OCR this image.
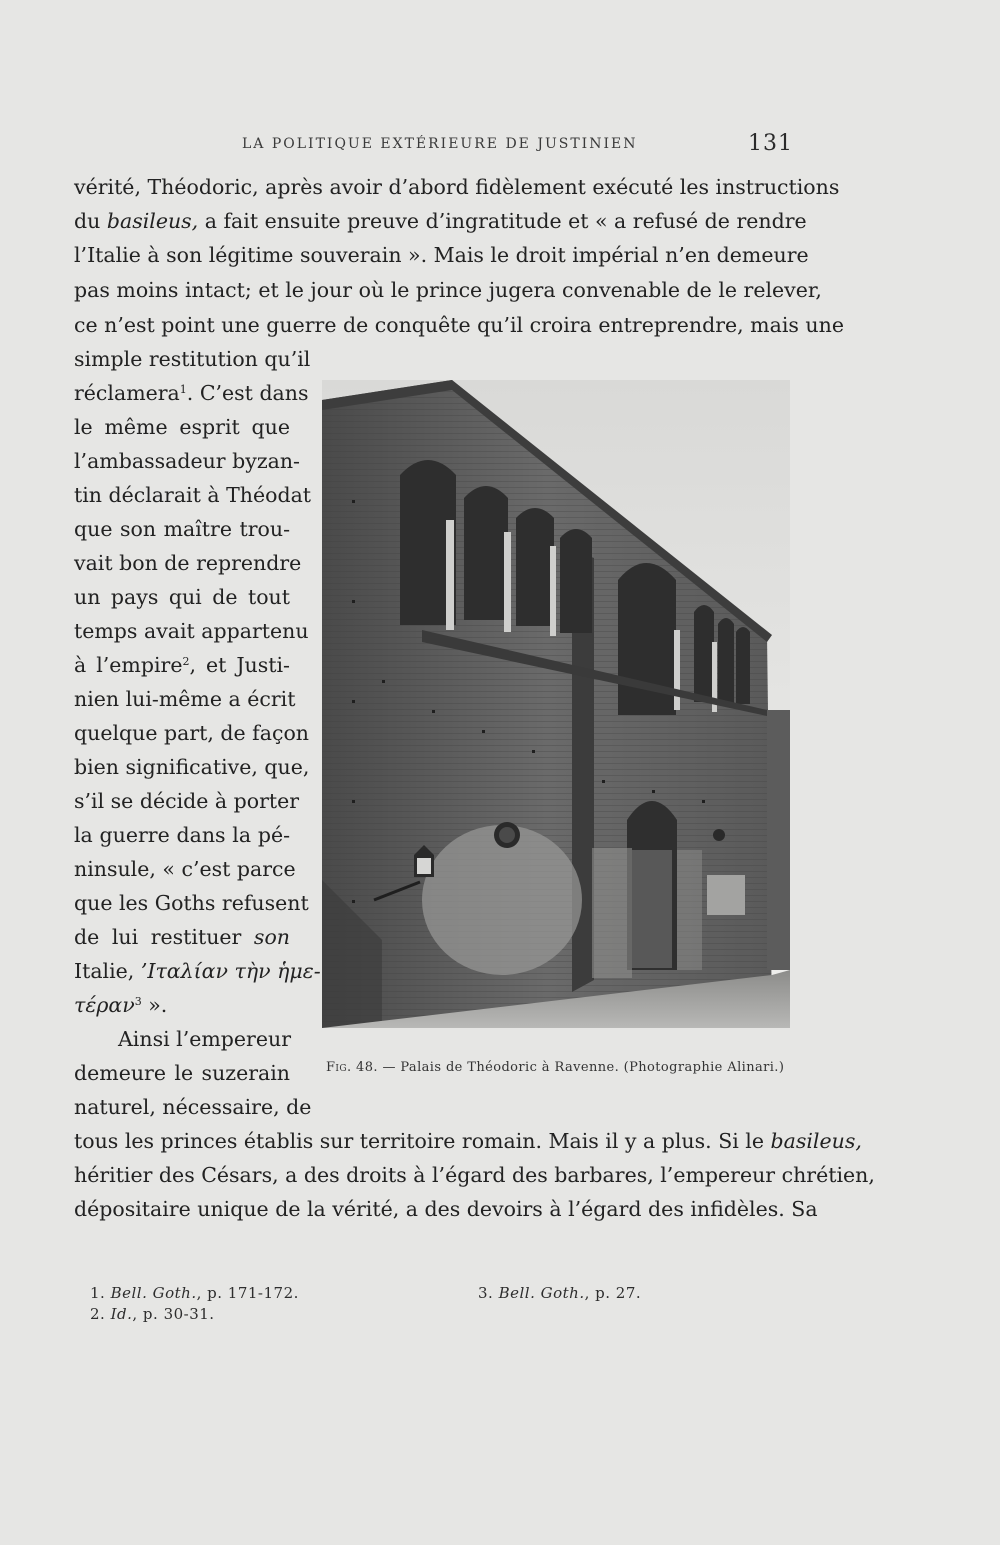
LA POLITIQUE EXTÉRIEURE DE JUSTINIEN	131
vérité, Théodoric, après avoir d’abord fidèlement exécuté les instructions
du basileus, a fait ensuite preuve d’ingratitude et « a refusé de rendre
l’Italie à son légitime souverain ». Mais le droit impérial n’en demeure
pas moins intact; et le jour où le prince jugera convenable de le relever,
ce n’est point une guerre de conquête qu’il croira entreprendre, mais une
simple restitution qu’il
réclamera$^1$. C’est dans
le même esprit que
l’ambassadeur byzan-
tin déclarait à Théodat
que son maître trou-
vait bon de reprendre
un pays qui de tout
temps avait appartenu
à l’empire$^2$, et Justi-
nien lui-même a écrit
quelque part, de façon
bien significative, que,
s’il se décide à porter
la guerre dans la pé-
ninsule, « c’est parce
que les Goths refusent
de lui restituer son
Italie, ’Ιταλίαν τὴν ἡμε-
τέραν$^3$ ».
Ainsi l’empereur
demeure le suzerain
naturel, nécessaire, de
tous les princes établis sur territoire romain. Mais il y a plus. Si le basileus,
héritier des Césars, a des droits à l’égard des barbares, l’empereur chrétien,
dépositaire unique de la vérité, a des devoirs à l’égard des infidèles. Sa
Fig. 48. — Palais de Théodoric à Ravenne. (Photographie Alinari.)
1. Bell. Goth., p. 171-172.
2. Id., p. 30-31.
3. Bell. Goth., p. 27.
